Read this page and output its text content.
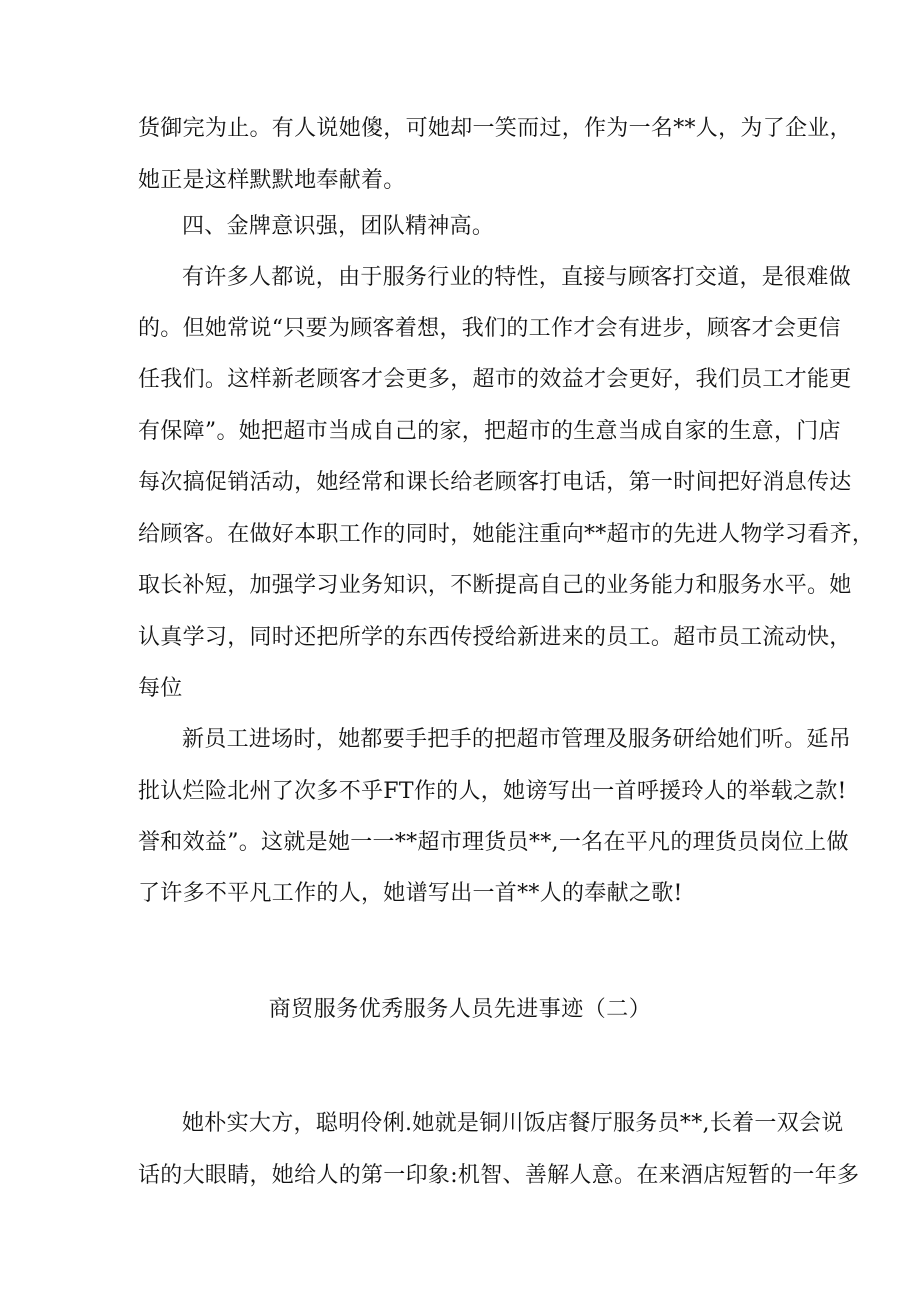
货御完为止。有人说她傻，可她却一笑而过，作为一名**人，为了企业，
她正是这样默默地奉献着。
四、金牌意识强，团队精神高。
有许多人都说，由于服务行业的特性，直接与顾客打交道，是很难做
的。但她常说“只要为顾客着想，我们的工作才会有进步，顾客才会更信
任我们。这样新老顾客才会更多，超市的效益才会更好，我们员工才能更
有保障”。她把超市当成自己的家，把超市的生意当成自家的生意，门店
每次搞促销活动，她经常和课长给老顾客打电话，第一时间把好消息传达
给顾客。在做好本职工作的同时，她能注重向**超市的先进人物学习看齐，
取长补短，加强学习业务知识，不断提高自己的业务能力和服务水平。她
认真学习，同时还把所学的东西传授给新进来的员工。超市员工流动快，
每位
新员工进场时，她都要手把手的把超市管理及服务研给她们听。延吊
批认烂险北州了次多不乎FT作的人，她谤写出一首呼援玲人的举载之款!
誉和效益”。这就是她一一**超市理货员**,一名在平凡的理货员岗位上做
了许多不平凡工作的人，她谱写出一首**人的奉献之歌!
商贸服务优秀服务人员先进事迹（二）
她朴实大方，聪明伶俐.她就是铜川饭店餐厅服务员**,长着一双会说
话的大眼睛，她给人的第一印象:机智、善解人意。在来酒店短暂的一年多
